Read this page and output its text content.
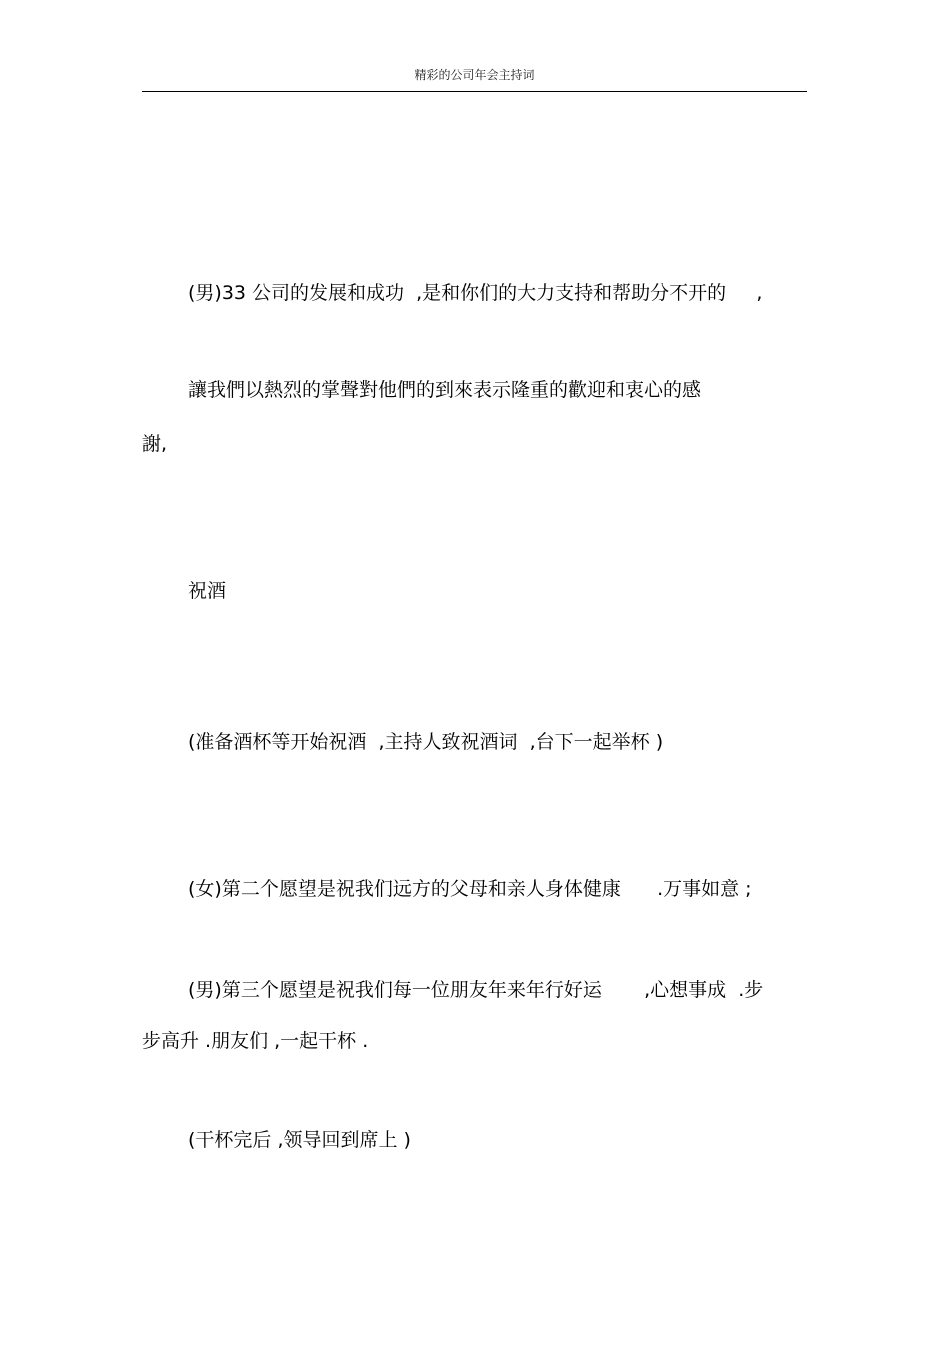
精彩的公司年会主持词
(男)33 公司的发展和成功  ,是和你们的大力支持和帮助分不开的     ,
讓我們以熱烈的掌聲對他們的到來表示隆重的歡迎和衷心的感
謝,
祝酒
(准备酒杯等开始祝酒  ,主持人致祝酒词  ,台下一起举杯 )
(女)第二个愿望是祝我们远方的父母和亲人身体健康      .万事如意 ;
(男)第三个愿望是祝我们每一位朋友年来年行好运       ,心想事成  .步
步高升 .朋友们 ,一起干杯 .
(干杯完后 ,领导回到席上 )
